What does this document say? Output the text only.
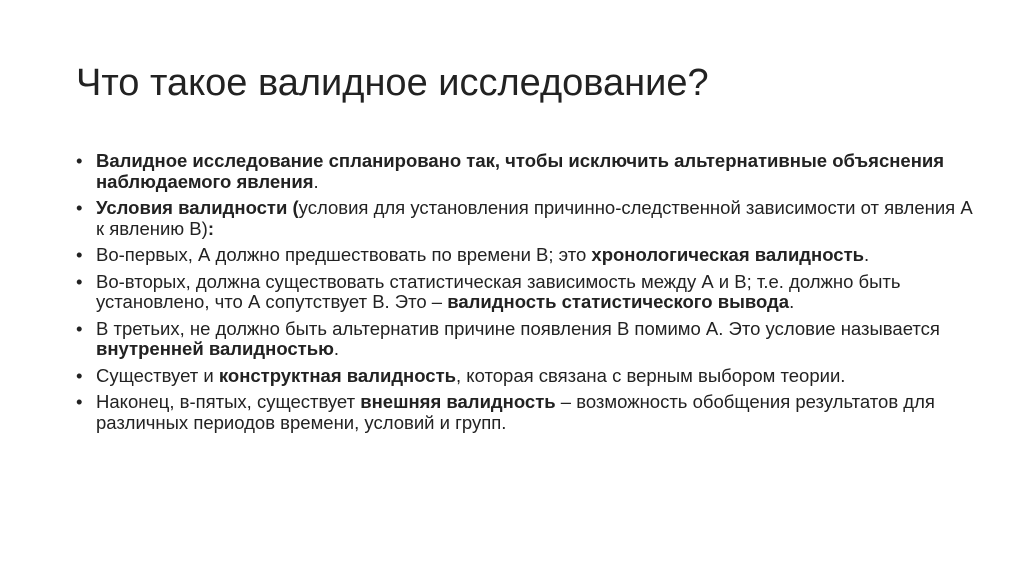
Что такое валидное исследование?
• Валидное исследование спланировано так, чтобы исключить альтернативные объяснения наблюдаемого явления.
• Условия валидности (условия для установления причинно-следственной зависимости от явления А к явлению В):
• Во-первых, А должно предшествовать по времени В; это хронологическая валидность.
• Во-вторых, должна существовать статистическая зависимость между А и В; т.е. должно быть установлено, что А сопутствует В. Это – валидность статистического вывода.
• В третьих, не должно быть альтернатив причине появления В помимо А. Это условие называется внутренней валидностью.
• Существует и конструктная валидность, которая связана с верным выбором теории.
• Наконец, в-пятых, существует внешняя валидность – возможность обобщения результатов для различных периодов времени, условий и групп.
